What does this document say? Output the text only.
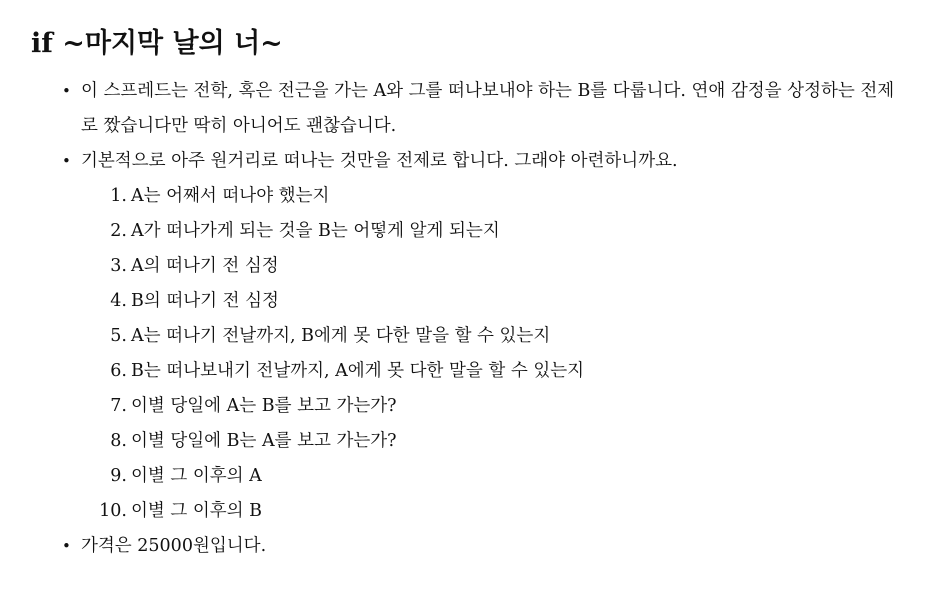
if ~마지막 날의 너~
• 이 스프레드는 전학, 혹은 전근을 가는 A와 그를 떠나보내야 하는 B를 다룹니다. 연애 감정을 상정하는 전제로 짰습니다만 딱히 아니어도 괜찮습니다.
• 기본적으로 아주 원거리로 떠나는 것만을 전제로 합니다. 그래야 아련하니까요.
1. A는 어째서 떠나야 했는지
2. A가 떠나가게 되는 것을 B는 어떻게 알게 되는지
3. A의 떠나기 전 심정
4. B의 떠나기 전 심정
5. A는 떠나기 전날까지, B에게 못 다한 말을 할 수 있는지
6. B는 떠나보내기 전날까지, A에게 못 다한 말을 할 수 있는지
7. 이별 당일에 A는 B를 보고 가는가?
8. 이별 당일에 B는 A를 보고 가는가?
9. 이별 그 이후의 A
10. 이별 그 이후의 B
• 가격은 25000원입니다.
